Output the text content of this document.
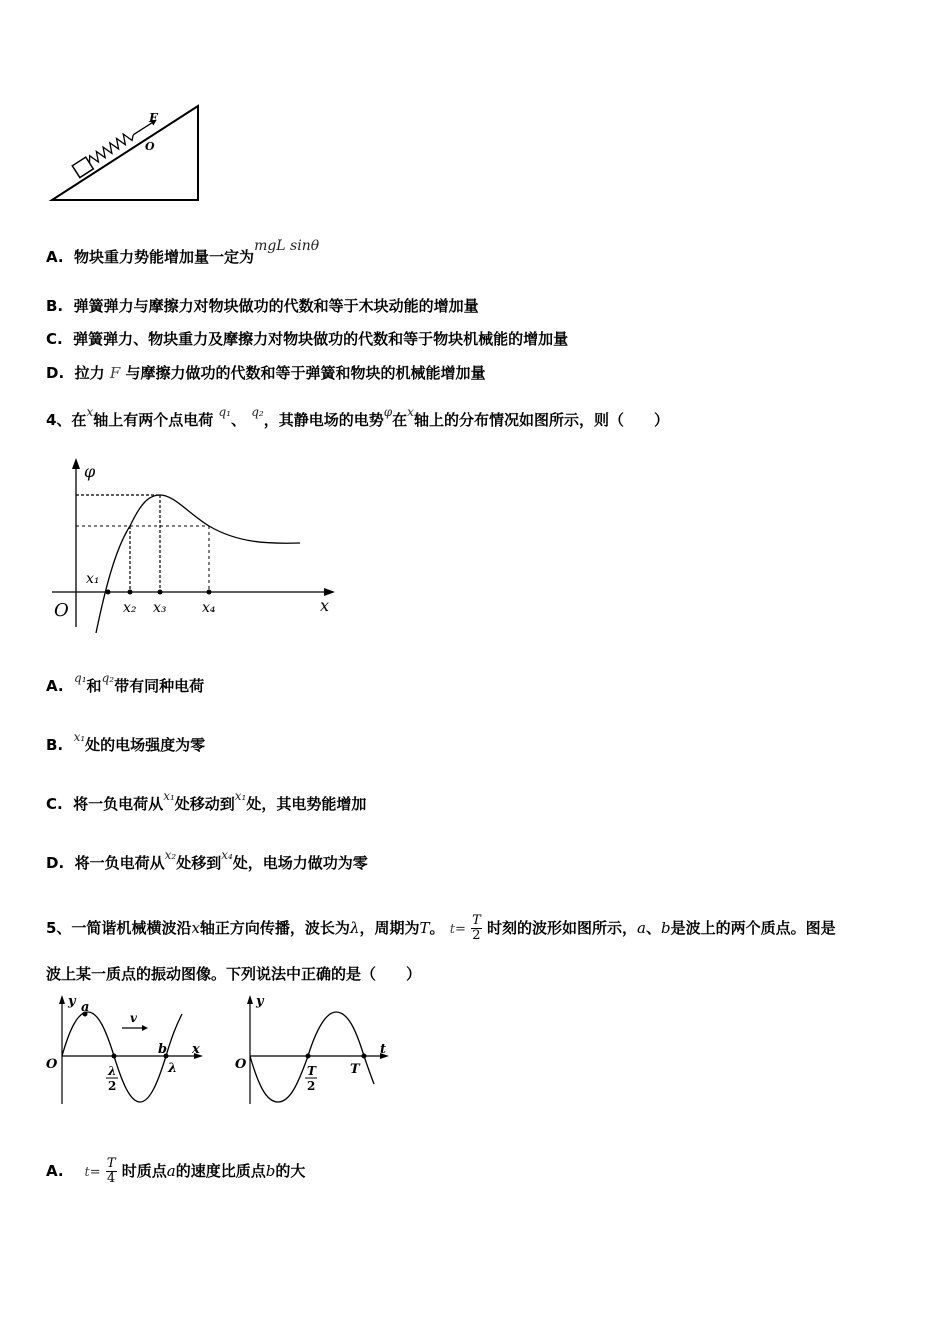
F
O
A. 物块重力势能增加量一定为mgL sinθ
B. 弹簧弹力与摩擦力对物块做功的代数和等于木块动能的增加量
C. 弹簧弹力、物块重力及摩擦力对物块做功的代数和等于物块机械能的增加量
D. 拉力 F 与摩擦力做功的代数和等于弹簧和物块的机械能增加量
4、在$^x$轴上有两个点电荷 $^{q_1}$、 $^{q_2}$，其静电场的电势$^\varphi$在$^x$轴上的分布情况如图所示，则（　　）
φ
O	x
x₁
x₂ x₃	x₄
A. $^{q_1}$和$^{q_2}$带有同种电荷
B. $^{x_1}$处的电场强度为零
C. 将一负电荷从$^{x_1}$处移动到$^{x_1}$处，其电势能增加
D. 将一负电荷从$^{x_2}$处移到$^{x_4}$处，电场力做功为零
5、一简谐机械横波沿x轴正方向传播，波长为λ，周期为T。 $t= \frac{T}{2}$ 时刻的波形如图所示，a、b是波上的两个质点。图是
波上某一质点的振动图像。下列说法中正确的是（　　）
y
O
x
a
b
v
λ
2
λ
y
O
t
T
2
T
A. $t= \frac{T}{4}$ 时质点a的速度比质点b的大
